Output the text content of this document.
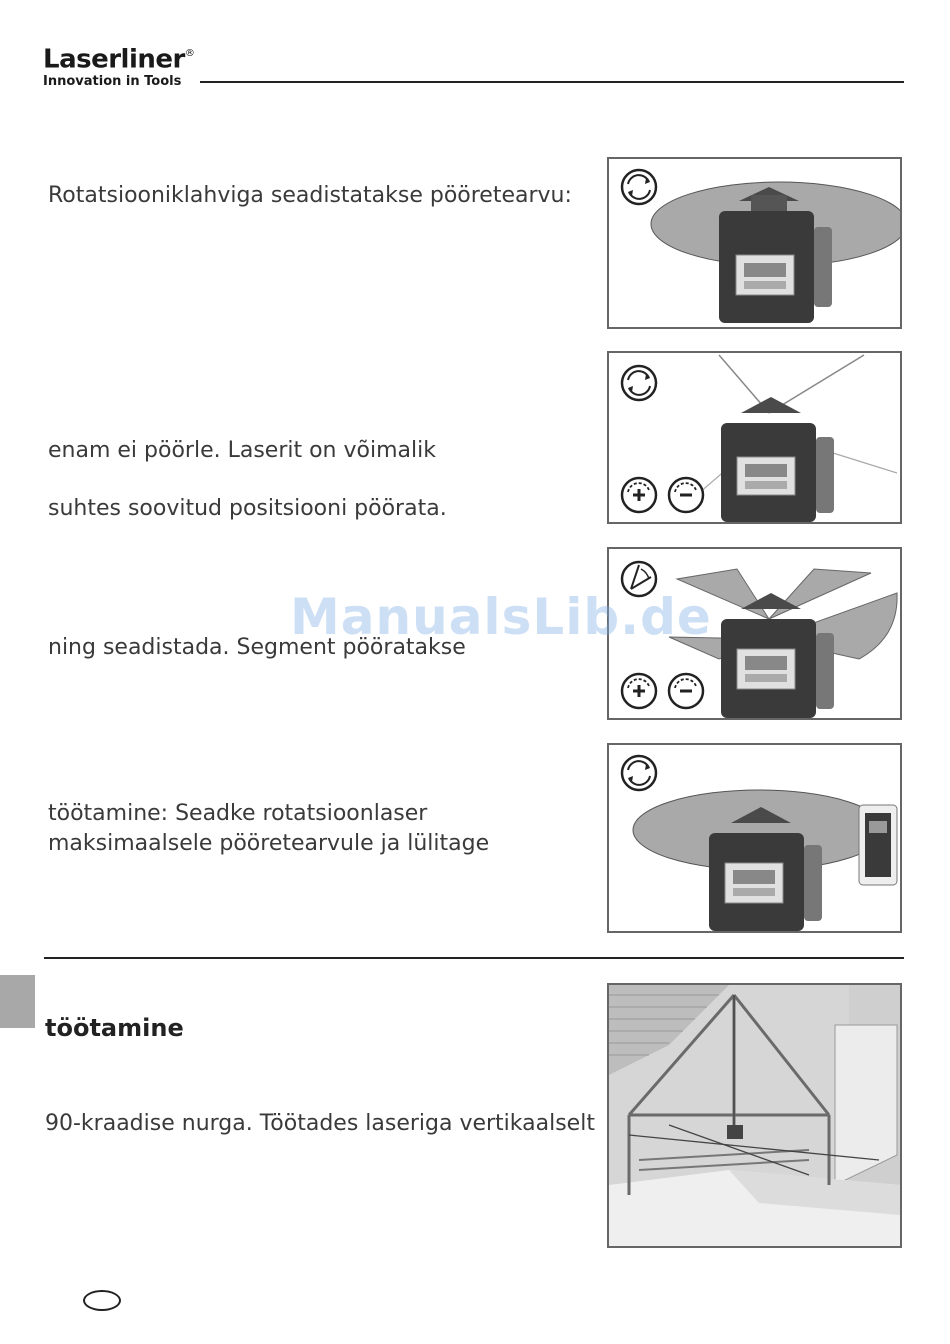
Laserliner®
Innovation in Tools
Rotatsiooniklahviga seadistatakse pööretearvu:
enam ei pöörle. Laserit on võimalik
suhtes soovitud positsiooni pöörata.
ning seadistada. Segment pööratakse
töötamine: Seadke rotatsioonlaser
maksimaalsele pööretearvule ja lülitage
töötamine
90-kraadise nurga. Töötades laseriga vertikaalselt
ManualsLib.de
